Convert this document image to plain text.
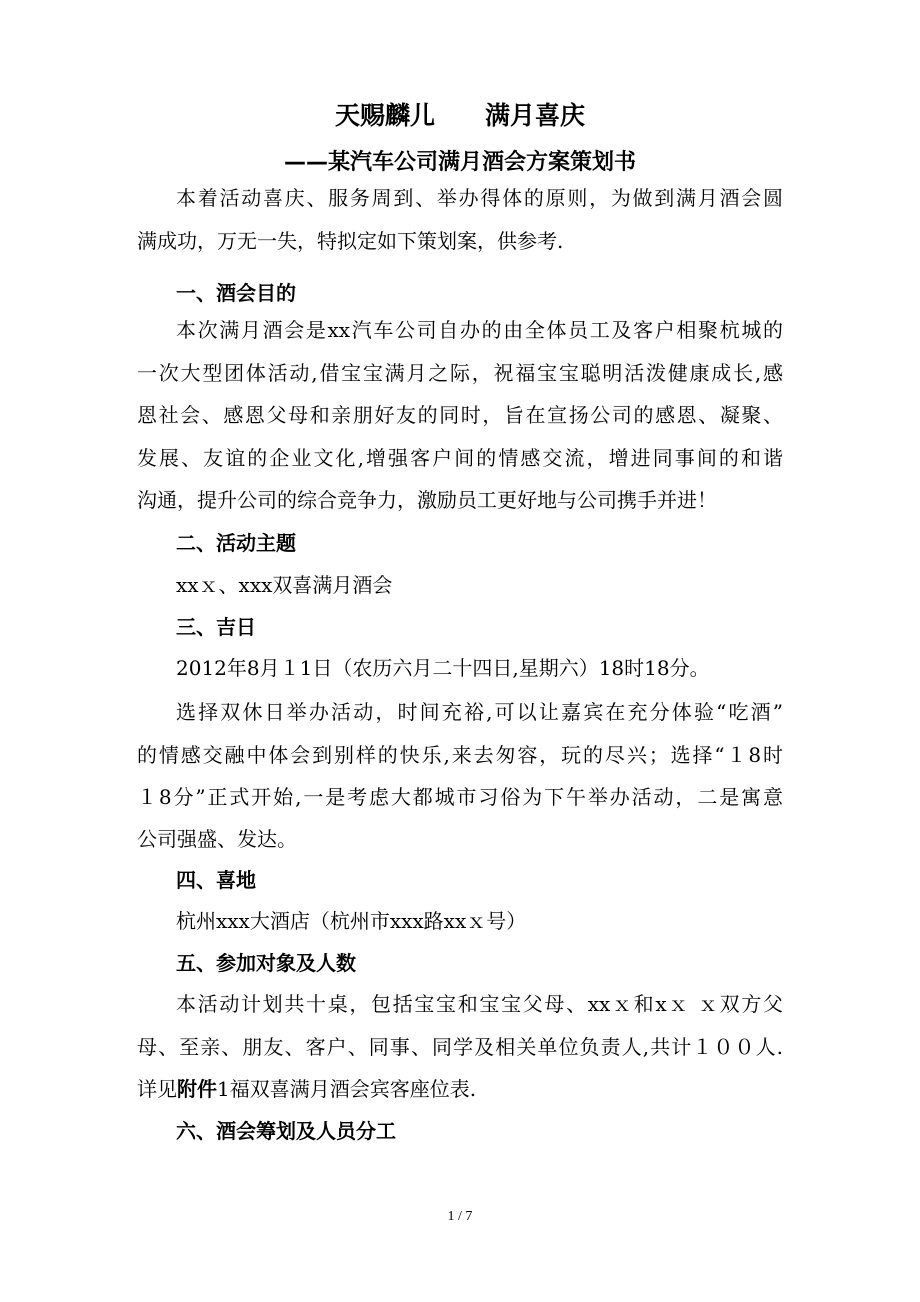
天赐麟儿　　满月喜庆
——某汽车公司满月酒会方案策划书
本着活动喜庆、服务周到、举办得体的原则，为做到满月酒会圆
满成功，万无一失，特拟定如下策划案，供参考.
一、酒会目的
本次满月酒会是xx汽车公司自办的由全体员工及客户相聚杭城的
一次大型团体活动,借宝宝满月之际，祝福宝宝聪明活泼健康成长,感
恩社会、感恩父母和亲朋好友的同时，旨在宣扬公司的感恩、凝聚、
发展、友谊的企业文化,增强客户间的情感交流，增进同事间的和谐
沟通，提升公司的综合竞争力，激励员工更好地与公司携手并进！
二、活动主题
xxｘ、xxx双喜满月酒会
三、吉日
2012年8月１1日（农历六月二十四日,星期六）18时18分。
选择双休日举办活动，时间充裕,可以让嘉宾在充分体验“吃酒”
的情感交融中体会到别样的快乐,来去匆容，玩的尽兴；选择“１8时
１8分”正式开始,一是考虑大都城市习俗为下午举办活动，二是寓意
公司强盛、发达。
四、喜地
杭州xxx大酒店（杭州市xxx路xxｘ号）
五、参加对象及人数
本活动计划共十桌，包括宝宝和宝宝父母、xxｘ和xｘ ｘ双方父
母、至亲、朋友、客户、同事、同学及相关单位负责人,共计１００人.
详见附件1福双喜满月酒会宾客座位表.
六、酒会筹划及人员分工
1 / 7
